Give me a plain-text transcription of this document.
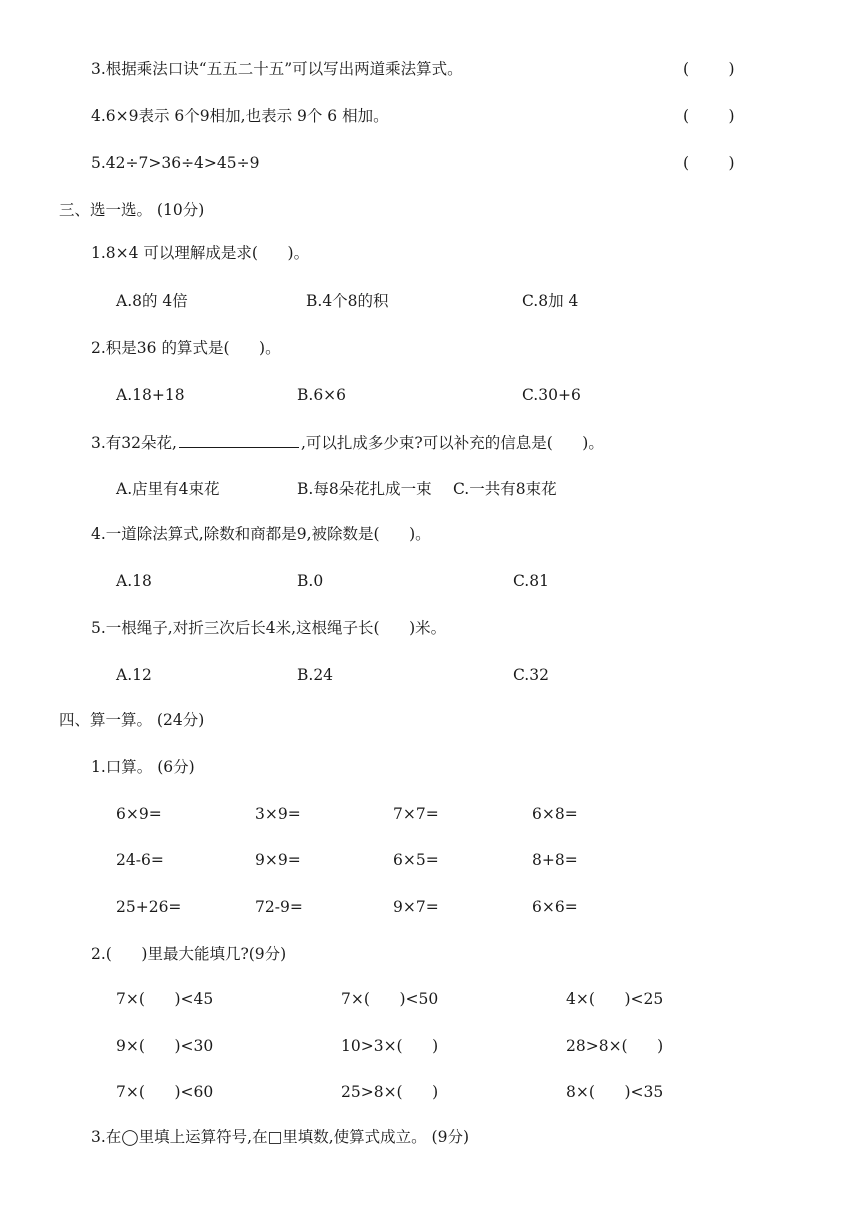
3.根据乘法口诀“五五二十五”可以写出两道乘法算式。	(        )
4.6×9表示 6个9相加,也表示 9个 6 相加。	(        )
5.42÷7>36÷4>45÷9	(        )
三、选一选。 (10分)
1.8×4 可以理解成是求(      )。
A.8的 4倍	B.4个8的积	C.8加 4
2.积是36 的算式是(      )。
A.18+18	B.6×6	C.30+6
3.有32朵花,	,可以扎成多少束?可以补充的信息是(      )。
A.店里有4束花	B.每8朵花扎成一束 C.一共有8束花
4.一道除法算式,除数和商都是9,被除数是(      )。
A.18	B.0	C.81
5.一根绳子,对折三次后长4米,这根绳子长(      )米。
A.12	B.24	C.32
四、算一算。 (24分)
1.口算。 (6分)
6×9=	3×9=	7×7=	6×8=
24-6=	9×9=	6×5=	8+8=
25+26=	72-9=	9×7=	6×6=
2.(      )里最大能填几?(9分)
7×(      )<45	7×(      )<50	4×(      )<25
9×(      )<30	10>3×(      )	28>8×(      )
7×(      )<60	25>8×(      )	8×(      )<35
3.在◯里填上运算符号,在□里填数,使算式成立。 (9分)
